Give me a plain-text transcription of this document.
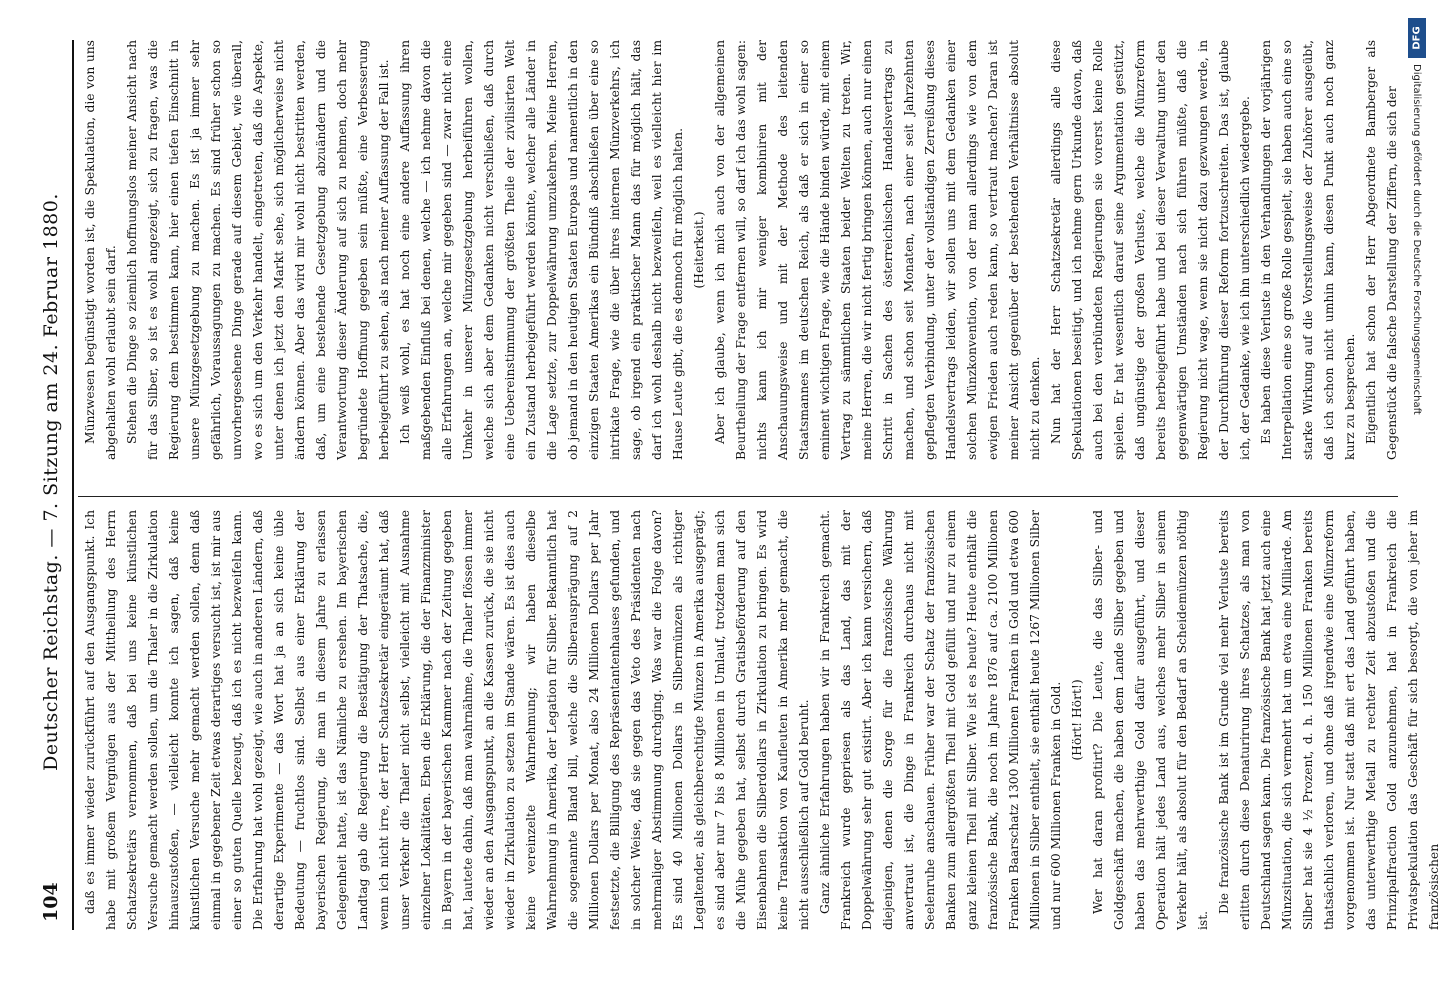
104
Deutscher Reichstag. — 7. Sitzung am 24. Februar 1880. daß es immer wieder zurückführt auf den Ausgangspunkt. Ich habe mit großem Vergnügen aus der Mittheilung des Herrn Schatzsekretärs vernommen, daß bei uns keine künstlichen Versuche gemacht werden sollen, um die Thaler in die Zirkulation hinauszustoßen, — vielleicht konnte ich sagen, daß keine künstlichen Versuche mehr gemacht werden sollen, denn daß einmal in gegebener Zeit etwas derartiges versucht ist, ist mir aus einer so guten Quelle bezeugt, daß ich es nicht bezweifeln kann. Die Erfahrung hat wohl gezeigt, wie auch in anderen Ländern, daß derartige Experimente — das Wort hat ja an sich keine üble Bedeutung — fruchtlos sind. Selbst aus einer Erklärung der bayerischen Regierung, die man in diesem Jahre zu erlassen Gelegenheit hatte, ist das Nämliche zu ersehen. Im bayerischen Landtag gab die Regierung die Bestätigung der Thatsache, die, wenn ich nicht irre, der Herr Schatzsekretär eingeräumt hat, daß unser Verkehr die Thaler nicht selbst, vielleicht mit Ausnahme einzelner Lokalitäten. Eben die Erklärung, die der Finanzminister in Bayern in der bayerischen Kammer nach der Zeitung gegeben hat, lautete dahin, daß man wahrnähme, die Thaler flössen immer wieder an den Ausgangspunkt, an die Kassen zurück, die sie nicht wieder in Zirkulation zu setzen im Stande wären. Es ist dies auch keine vereinzelte Wahrnehmung; wir haben dieselbe Wahrnehmung in Amerika, der Legation für Silber. Bekanntlich hat die sogenannte Bland bill, welche die Silberausprägung auf 2 Millionen Dollars per Monat, also 24 Millionen Dollars per Jahr festsetzte, die Billigung des Repräsentantenhauses gefunden, und in solcher Weise, daß sie gegen das Veto des Präsidenten nach mehrmaliger Abstimmung durchging. Was war die Folge davon? Es sind 40 Millionen Dollars in Silbermünzen als richtiger Legaltender, als gleichberechtigte Münzen in Amerika ausgeprägt; es sind aber nur 7 bis 8 Millionen in Umlauf, trotzdem man sich die Mühe gegeben hat, selbst durch Gratisbeförderung auf den Eisenbahnen die Silberdollars in Zirkulation zu bringen. Es wird keine Transaktion von Kaufleuten in Amerika mehr gemacht, die nicht ausschließlich auf Gold beruht. Ganz ähnliche Erfahrungen haben wir in Frankreich gemacht. Frankreich wurde gepriesen als das Land, das mit der Doppelwährung sehr gut existirt. Aber ich kann versichern, daß diejenigen, denen die Sorge für die französische Währung anvertraut ist, die Dinge in Frankreich durchaus nicht mit Seelenruhe anschauen. Früher war der Schatz der französischen Banken zum allergrößten Theil mit Gold gefüllt und nur zu einem ganz kleinen Theil mit Silber. Wie ist es heute? Heute enthält die französische Bank, die noch im Jahre 1876 auf ca. 2100 Millionen Franken Baarschatz 1300 Millionen Franken in Gold und etwa 600 Millionen in Silber enthielt, sie enthält heute 1267 Millionen Silber und nur 600 Millionen Franken in Gold. (Hört! Hört!) Wer hat daran profitirt? Die Leute, die das Silber- und Goldgeschäft machen, die haben dem Lande Silber gegeben und haben das mehrwerthige Gold dafür ausgeführt, und dieser Operation hält jedes Land aus, welches mehr Silber in seinem Verkehr hält, als absolut für den Bedarf an Scheidemünzen nöthig ist.

Die französische Bank ist im Grunde viel mehr Verluste bereits erlitten durch diese Denaturirung ihres Schatzes, als man von Deutschland sagen kann. Die französische Bank hat jetzt auch eine Münzsituation, die sich vermehrt hat um etwa eine Milliarde. Am Silber hat sie 4 ½ Prozent, d. h. 150 Millionen Franken bereits thatsächlich verloren, und ohne daß irgendwie eine Münzreform vorgenommen ist. Nur statt daß mit ert das Land geführt haben, das unterwerthige Metall zu rechter Zeit abzustoßen und die Prinzipalfraction Gold anzunehmen, hat in Frankreich die Privatspekulation das Geschäft für sich besorgt, die von jeher im französischen

Münzwesen begünstigt worden ist, die Spekulation, die von uns abgehalten wohl erlaubt sein darf. Stehen die Dinge so ziemlich hoffnungslos meiner Ansicht nach für das Silber, so ist es wohl angezeigt, sich zu fragen, was die Regierung dem bestimmen kann, hier einen tiefen Einschnitt in unsere Münzgesetzgebung zu machen. Es ist ja immer sehr gefährlich, Voraussagungen zu machen. Es sind früher schon so unvorhergesehene Dinge gerade auf diesem Gebiet, wie überall, wo es sich um den Verkehr handelt, eingetreten, daß die Aspekte, unter denen ich jetzt den Markt sehe, sich möglicherweise nicht ändern können. Aber das wird mir wohl nicht bestritten werden, daß, um eine bestehende Gesetzgebung abzuändern und die Verantwortung dieser Änderung auf sich zu nehmen, doch mehr begründete Hoffnung gegeben sein müßte, eine Verbesserung herbeigeführt zu sehen, als nach meiner Auffassung der Fall ist. Ich weiß wohl, es hat noch eine andere Auffassung ihren maßgebenden Einfluß bei denen, welche — ich nehme davon die alle Erfahrungen an, welche mir gegeben sind — zwar nicht eine Umkehr in unserer Münzgesetzgebung herbeiführen wollen, welche sich aber dem Gedanken nicht verschließen, daß durch eine Uebereinstimmung der größten Theile der zivilisirten Welt ein Zustand herbeigeführt werden könnte, welcher alle Länder in die Lage setzte, zur Doppelwährung umzukehren. Meine Herren, ob jemand in den heutigen Staaten Europas und namentlich in den einzigen Staaten Amerikas ein Bündniß abschließen über eine so intrikate Frage, wie die über ihres internen Münzverkehrs, ich sage, ob irgend ein praktischer Mann das für möglich hält, das darf ich wohl deshalb nicht bezweifeln, weil es vielleicht hier im Hause Leute gibt, die es dennoch für möglich halten. (Heiterkeit.) Aber ich glaube, wenn ich mich auch von der allgemeinen Beurtheilung der Frage entfernen will, so darf ich das wohl sagen: nichts kann ich mir weniger kombiniren mit der Anschauungsweise und mit der Methode des leitenden Staatsmannes im deutschen Reich, als daß er sich in einer so eminent wichtigen Frage, wie die Hände binden würde, mit einem Vertrag zu sämmtlichen Staaten beider Welten zu treten. Wir, meine Herren, die wir nicht fertig bringen können, auch nur einen Schritt in Sachen des österreichischen Handelsvertrags zu machen, und schon seit Monaten, nach einer seit Jahrzehnten gepflegten Verbindung, unter der vollständigen Zerreißung dieses Handelsvertrags leiden, wir sollen uns mit dem Gedanken einer solchen Münzkonvention, von der man allerdings wie von dem ewigen Frieden auch reden kann, so vertraut machen? Daran ist meiner Ansicht gegenüber der bestehenden Verhältnisse absolut nicht zu denken. Nun hat der Herr Schatzsekretär allerdings alle diese Spekulationen beseitigt, und ich nehme gern Urkunde davon, daß auch bei den verbündeten Regierungen sie vorerst keine Rolle spielen. Er hat wesentlich darauf seine Argumentation gestützt, daß ungünstige der großen Verluste, welche die Münzreform bereits herbeigeführt habe und bei dieser Verwaltung unter den gegenwärtigen Umständen nach sich führen müßte, daß die Regierung nicht wage, wenn sie nicht dazu gezwungen werde, in der Durchführung dieser Reform fortzuschreiten. Das ist, glaube ich, der Gedanke, wie ich ihn unterschiedlich wiedergebe. Es haben diese Verluste in den Verhandlungen der vorjährigen Interpellation eine so große Rolle gespielt, sie haben auch eine so starke Wirkung auf die Vorstellungsweise der Zuhörer ausgeübt, daß ich schon nicht umhin kann, diesen Punkt auch noch ganz kurz zu besprechen. Eigentlich hat schon der Herr Abgeordnete Bamberger als Gegenstück die falsche Darstellung der Ziffern, die sich der

DFG
Digitalisierung gefördert durch die Deutsche Forschungsgemeinschaft
